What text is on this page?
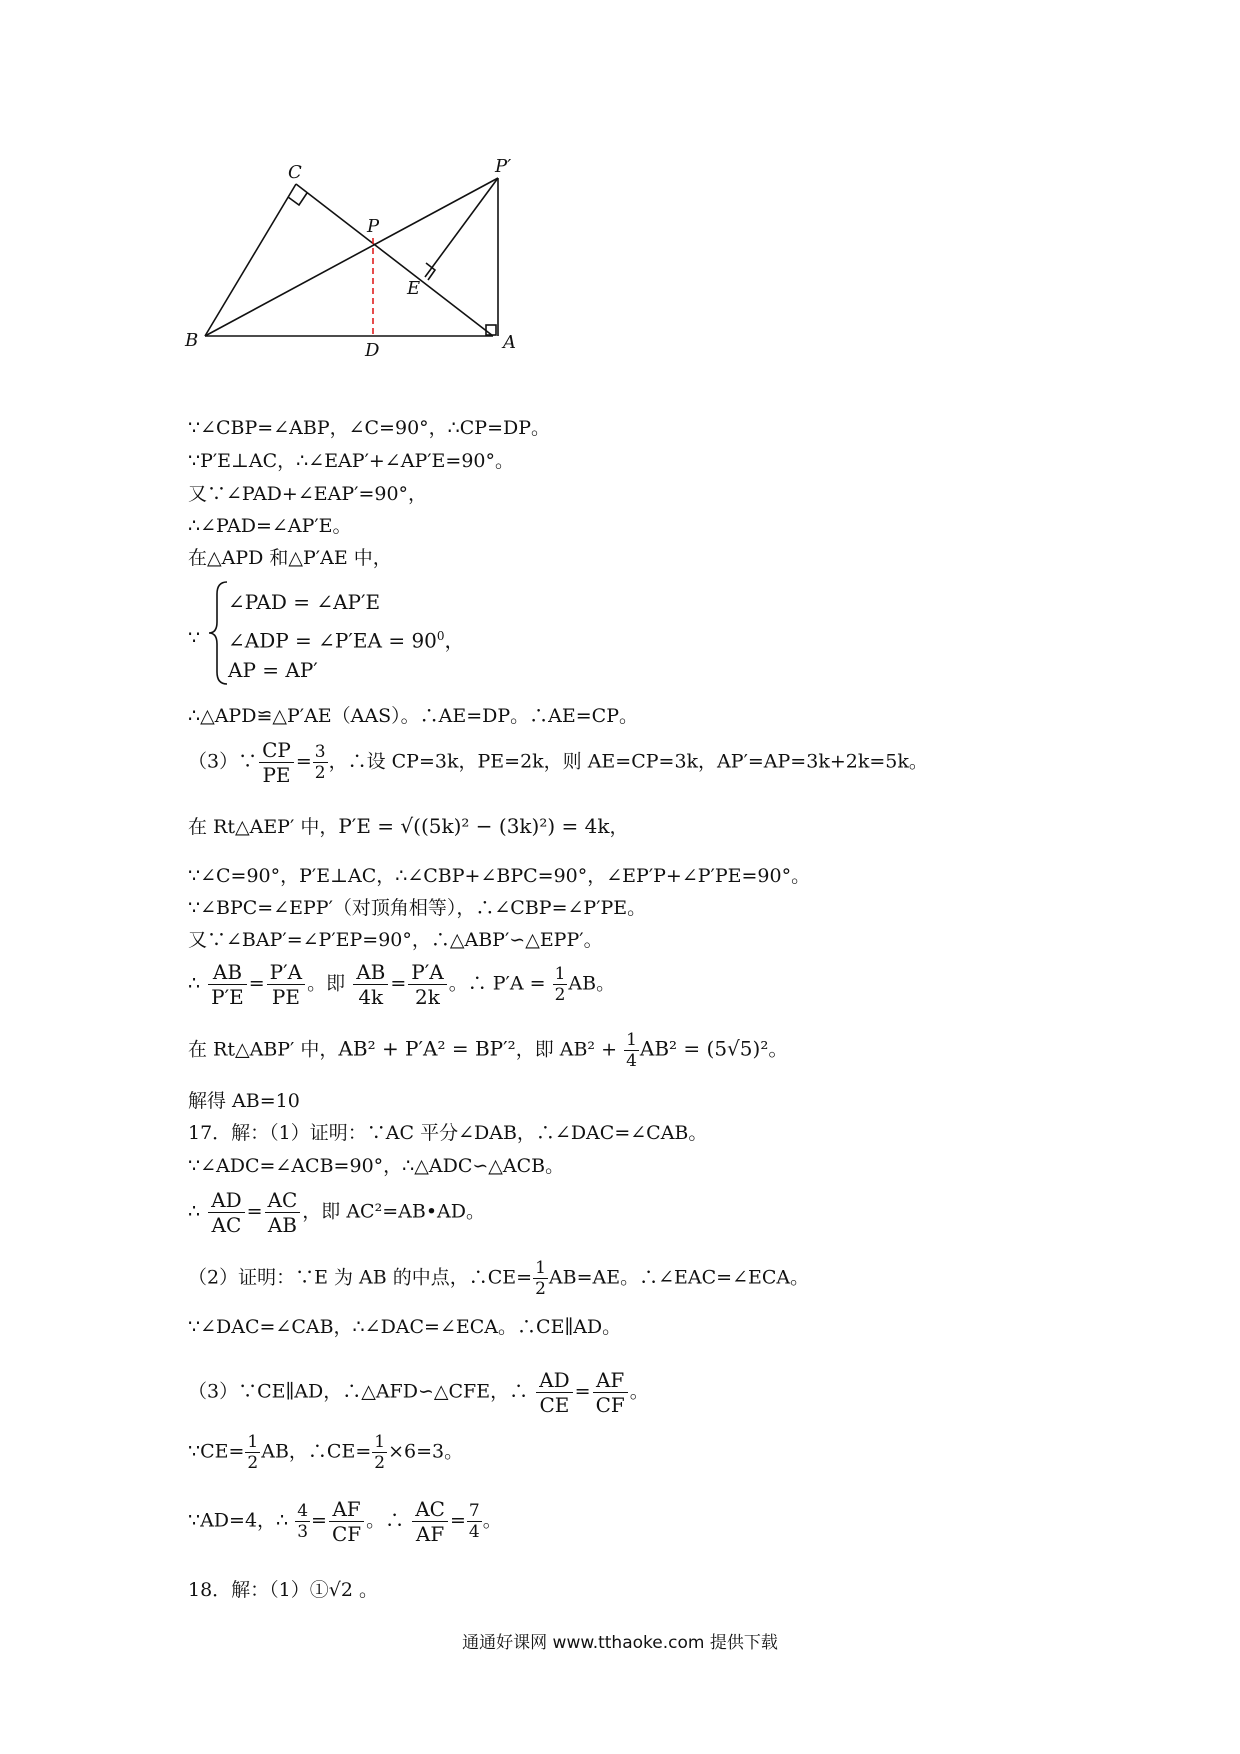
C	P′
P
E
B	D	A
∵∠CBP=∠ABP，∠C=90°，∴CP=DP。
∵P′E⊥AC，∴∠EAP′+∠AP′E=90°。
又∵∠PAD+∠EAP′=90°，
∴∠PAD=∠AP′E。
在△APD 和△P′AE 中，
∵
∠PAD = ∠AP′E
∠ADP = ∠P′EA = $90^0$，
AP = AP′
∴△APD≌△P′AE（AAS）。∴AE=DP。∴AE=CP。
（3）∵ $\frac{CP}{PE} = \frac{3}{2}$ ，∴设 CP=3k，PE=2k，则 AE=CP=3k，AP′=AP=3k+2k=5k。
在 Rt△AEP′ 中，P′E = √((5k)² − (3k)²) = 4k，
∵∠C=90°，P′E⊥AC，∴∠CBP+∠BPC=90°，∠EP′P+∠P′PE=90°。
∵∠BPC=∠EPP′（对顶角相等），∴∠CBP=∠P′PE。
又∵∠BAP′=∠P′EP=90°，∴△ABP′∽△EPP′。
∴ $\frac{AB}{P'E} = \frac{P'A}{PE}$ 。即 $\frac{AB}{4k} = \frac{P'A}{2k}$ 。∴ $P'A = \frac{1}{2}$ AB。
在 Rt△ABP′ 中，AB² + P′A² = BP′²，即 $AB^2 + \frac{1}{4} AB^2 = (5√5)^2$。
解得 AB=10
17．解：（1）证明：∵AC 平分∠DAB，∴∠DAC=∠CAB。
∵∠ADC=∠ACB=90°，∴△ADC∽△ACB。
∴ $\frac{AD}{AC} = \frac{AC}{AB}$ ，即 AC²=AB•AD。
（2）证明：∵E 为 AB 的中点，∴CE= $\frac{1}{2} AB=AE$。∴∠EAC=∠ECA。
∵∠DAC=∠CAB，∴∠DAC=∠ECA。∴CE∥AD。
（3）∵CE∥AD，∴△AFD∽△CFE，∴ $\frac{AD}{CE} = \frac{AF}{CF}$ 。
∵CE= $\frac{1}{2}$ AB，∴CE= $\frac{1}{2} \times 6=3$。
∵AD=4，∴ $\frac{4}{3} = \frac{AF}{CF}$ 。∴ $\frac{AC}{AF} = \frac{7}{4}$ 。
18．解：（1）①√2 。
通通好课网 www.tthaoke.com 提供下载
